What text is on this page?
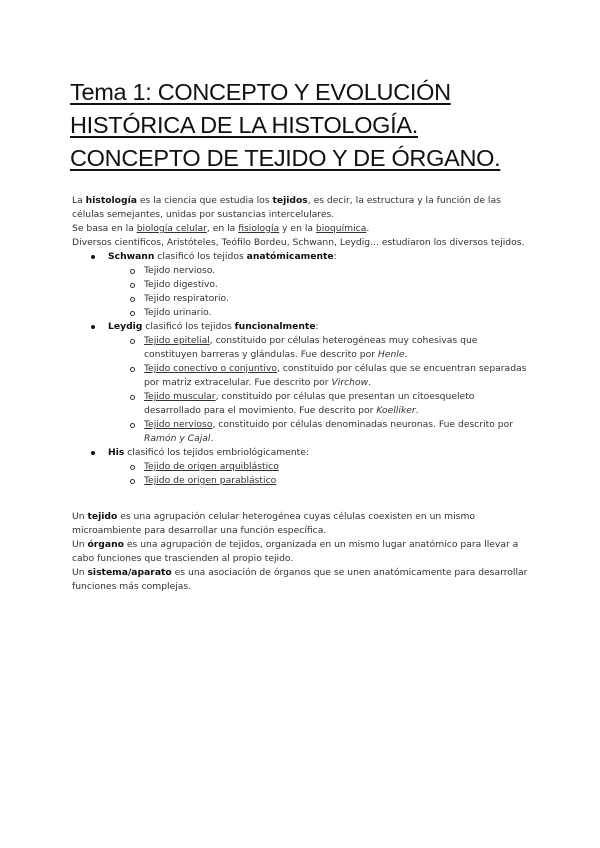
Tema 1: CONCEPTO Y EVOLUCIÓN
HISTÓRICA DE LA HISTOLOGÍA.
CONCEPTO DE TEJIDO Y DE ÓRGANO.

La histología es la ciencia que estudia los tejidos, es decir, la estructura y la función de las células semejantes, unidas por sustancias intercelulares.

Se basa en la biología celular, en la fisiología y en la bioquímica.

Diversos científicos, Aristóteles, Teófilo Bordeu, Schwann, Leydig... estudiaron los diversos tejidos.

Schwann clasificó los tejidos anatómicamente:
Tejido nervioso.
Tejido digestivo.
Tejido respiratorio.
Tejido urinario.
Leydig clasificó los tejidos funcionalmente:
Tejido epitelial, constituido por células heterogéneas muy cohesivas que constituyen barreras y glándulas. Fue descrito por Henle.
Tejido conectivo o conjuntivo, constituido por células que se encuentran separadas por matriz extracelular. Fue descrito por Virchow.
Tejido muscular, constituido por células que presentan un citoesqueleto desarrollado para el movimiento. Fue descrito por Koelliker.
Tejido nervioso, constituido por células denominadas neuronas. Fue descrito por Ramón y Cajal.
His clasificó los tejidos embriológicamente:
Tejido de origen arquiblástico
Tejido de origen parablástico

Un tejido es una agrupación celular heterogénea cuyas células coexisten en un mismo microambiente para desarrollar una función específica.

Un órgano es una agrupación de tejidos, organizada en un mismo lugar anatómico para llevar a cabo funciones que trascienden al propio tejido.

Un sistema/aparato es una asociación de órganos que se unen anatómicamente para desarrollar funciones más complejas.
